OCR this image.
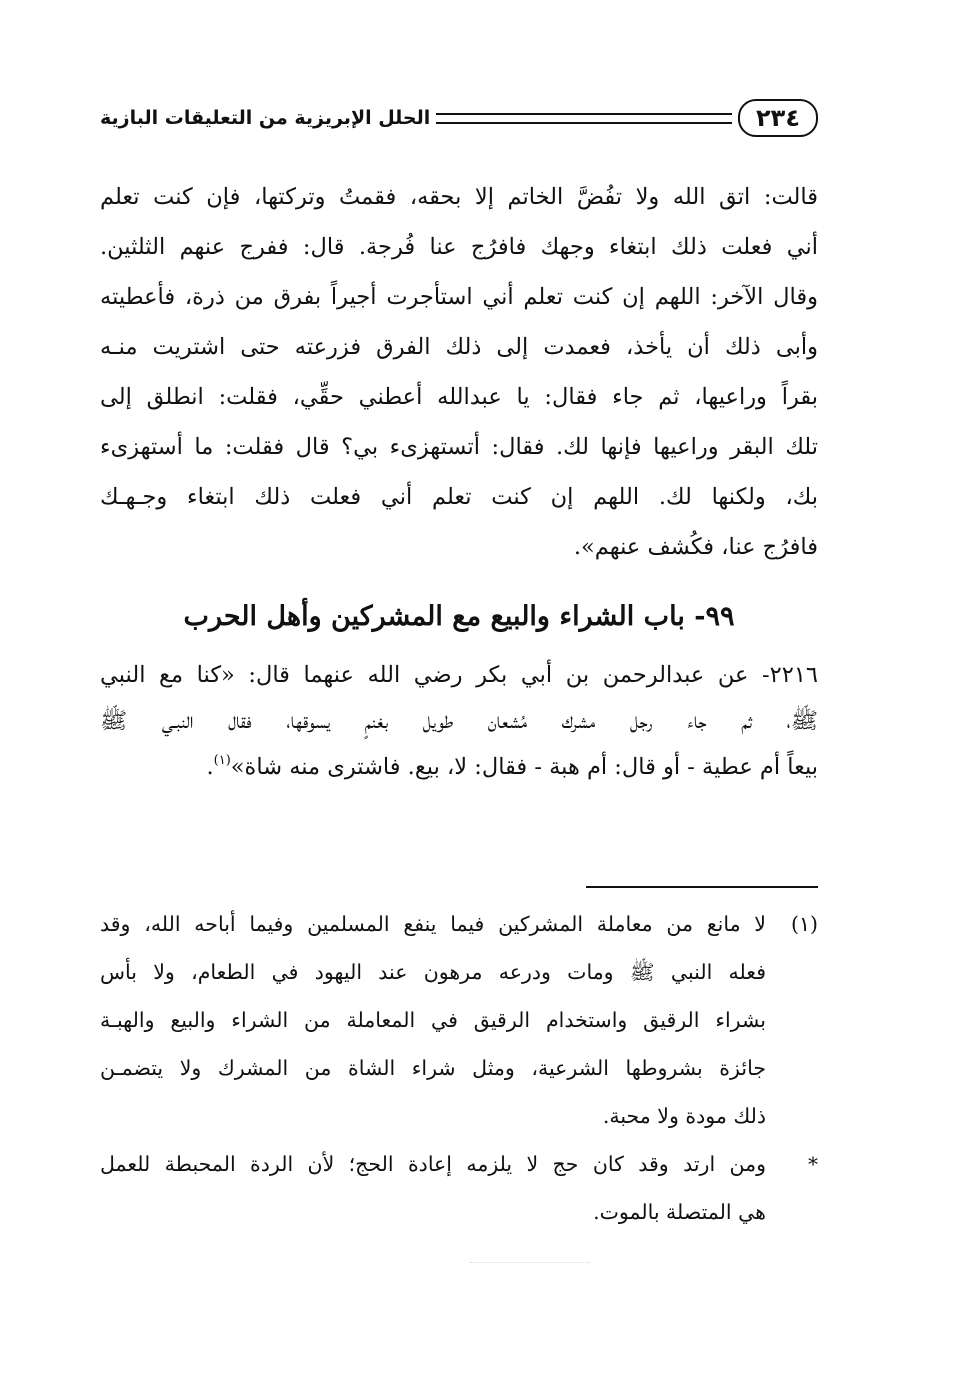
٢٣٤
الحلل الإبريزية من التعليقات البازية
قالت: اتق الله ولا تفُضَّ الخاتم إلا بحقه، فقمتُ وتركتها، فإن كنت تعلم
أني فعلت ذلك ابتغاء وجهك فافرُج عنا فُرجة. قال: ففرج عنهم الثلثين.
وقال الآخر: اللهم إن كنت تعلم أني استأجرت أجيراً بفرق من ذرة، فأعطيته
وأبى ذلك أن يأخذ، فعمدت إلى ذلك الفرق فزرعته حتى اشتريت منـه
بقراً وراعيها، ثم جاء فقال: يا عبدالله أعطني حقِّي، فقلت: انطلق إلى
تلك البقر وراعيها فإنها لك. فقال: أتستهزىء بي؟ قال فقلت: ما أستهزىء
بك، ولكنها لك. اللهم إن كنت تعلم أني فعلت ذلك ابتغاء وجـهـك
فافرُج عنا، فكُشف عنهم».
٩٩- باب الشراء والبيع مع المشركين وأهل الحرب
٢٢١٦- عن عبدالرحمن بن أبي بكر رضي الله عنهما قال: «كنا مع النبي
ﷺ، ثم جاء رجل مشرك مُشعان طويل بغنمٍ يسوقها، فقال النبـي ﷺ
بيعاً أم عطية - أو قال: أم هبة - فقال: لا، بيع. فاشترى منه شاة»$^{(١)}$.
(١)
لا مانع من معاملة المشركين فيما ينفع المسلمين وفيما أباحه الله، وقد
فعله النبي ﷺ ومات ودرعه مرهون عند اليهود في الطعام، ولا بأس
بشراء الرقيق واستخدام الرقيق في المعاملة من الشراء والبيع والهبـة
جائزة بشروطها الشرعية، ومثل شراء الشاة من المشرك ولا يتضمـن
ذلك مودة ولا محبة.
*
ومن ارتد وقد كان حج لا يلزمه إعادة الحج؛ لأن الردة المحبطة للعمل
هي المتصلة بالموت.
